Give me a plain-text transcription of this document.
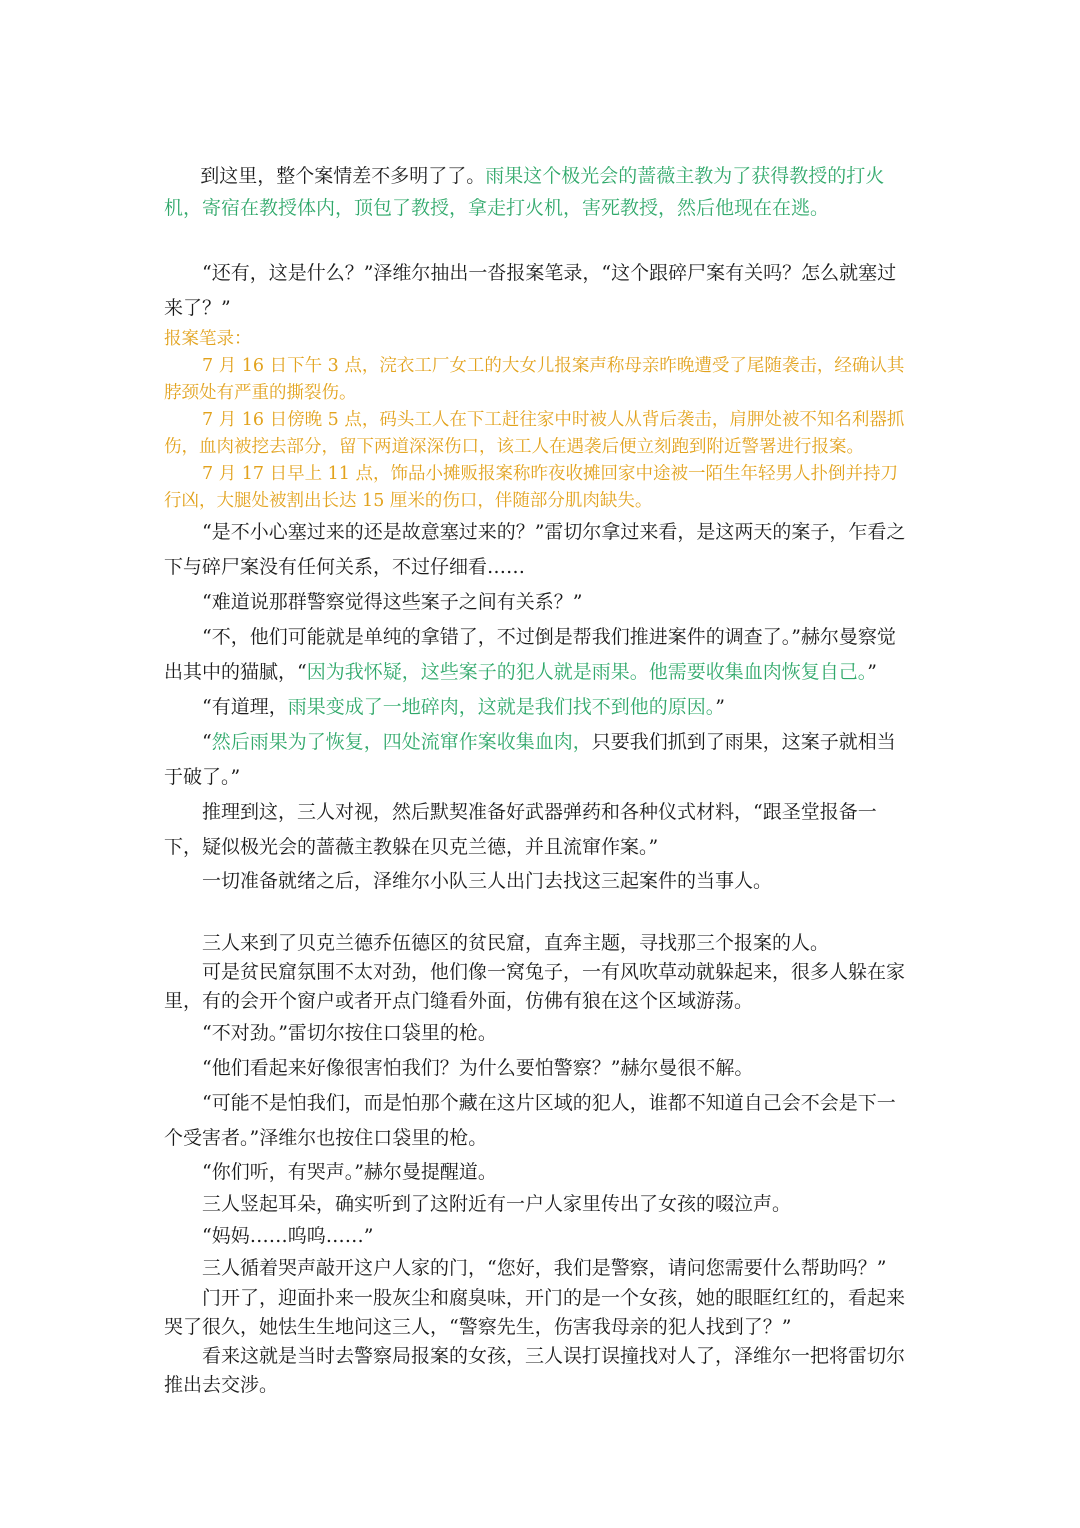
到这里，整个案情差不多明了了。雨果这个极光会的蔷薇主教为了获得教授的打火机，寄宿在教授体内，顶包了教授，拿走打火机，害死教授，然后他现在在逃。

“还有，这是什么？”泽维尔抽出一沓报案笔录，“这个跟碎尸案有关吗？怎么就塞过来了？”

报案笔录：

7 月 16 日下午 3 点，浣衣工厂女工的大女儿报案声称母亲昨晚遭受了尾随袭击，经确认其脖颈处有严重的撕裂伤。

7 月 16 日傍晚 5 点，码头工人在下工赶往家中时被人从背后袭击，肩胛处被不知名利器抓伤，血肉被挖去部分，留下两道深深伤口，该工人在遇袭后便立刻跑到附近警署进行报案。

7 月 17 日早上 11 点，饰品小摊贩报案称昨夜收摊回家中途被一陌生年轻男人扑倒并持刀行凶，大腿处被割出长达 15 厘米的伤口，伴随部分肌肉缺失。

“是不小心塞过来的还是故意塞过来的？”雷切尔拿过来看，是这两天的案子，乍看之下与碎尸案没有任何关系，不过仔细看……

“难道说那群警察觉得这些案子之间有关系？”

“不，他们可能就是单纯的拿错了，不过倒是帮我们推进案件的调查了。”赫尔曼察觉出其中的猫腻，“因为我怀疑，这些案子的犯人就是雨果。他需要收集血肉恢复自己。”

“有道理，雨果变成了一地碎肉，这就是我们找不到他的原因。”

“然后雨果为了恢复，四处流窜作案收集血肉，只要我们抓到了雨果，这案子就相当于破了。”

推理到这，三人对视，然后默契准备好武器弹药和各种仪式材料，“跟圣堂报备一下，疑似极光会的蔷薇主教躲在贝克兰德，并且流窜作案。”

一切准备就绪之后，泽维尔小队三人出门去找这三起案件的当事人。

三人来到了贝克兰德乔伍德区的贫民窟，直奔主题，寻找那三个报案的人。

可是贫民窟氛围不太对劲，他们像一窝兔子，一有风吹草动就躲起来，很多人躲在家里，有的会开个窗户或者开点门缝看外面，仿佛有狼在这个区域游荡。

“不对劲。”雷切尔按住口袋里的枪。

“他们看起来好像很害怕我们？为什么要怕警察？”赫尔曼很不解。

“可能不是怕我们，而是怕那个藏在这片区域的犯人，谁都不知道自己会不会是下一个受害者。”泽维尔也按住口袋里的枪。

“你们听，有哭声。”赫尔曼提醒道。

三人竖起耳朵，确实听到了这附近有一户人家里传出了女孩的啜泣声。

“妈妈……呜呜……”

三人循着哭声敲开这户人家的门，“您好，我们是警察，请问您需要什么帮助吗？”

门开了，迎面扑来一股灰尘和腐臭味，开门的是一个女孩，她的眼眶红红的，看起来哭了很久，她怯生生地问这三人，“警察先生，伤害我母亲的犯人找到了？”

看来这就是当时去警察局报案的女孩，三人误打误撞找对人了，泽维尔一把将雷切尔推出去交涉。
